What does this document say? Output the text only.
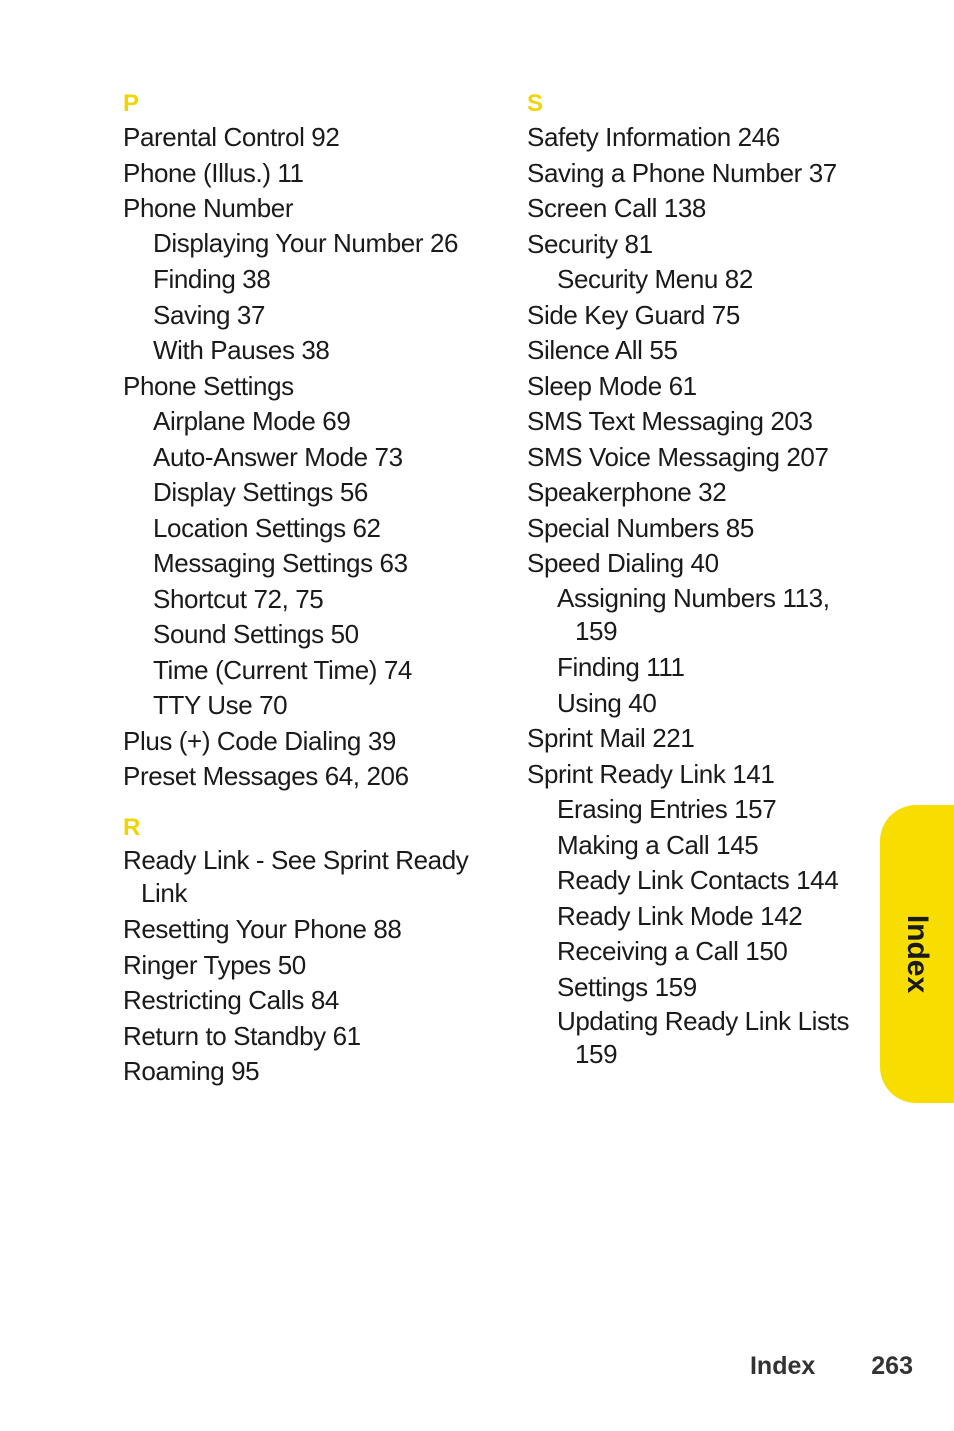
P
Parental Control 92
Phone (Illus.) 11
Phone Number
Displaying Your Number 26
Finding 38
Saving 37
With Pauses 38
Phone Settings
Airplane Mode 69
Auto-Answer Mode 73
Display Settings 56
Location Settings 62
Messaging Settings 63
Shortcut 72, 75
Sound Settings 50
Time (Current Time) 74
TTY Use 70
Plus (+) Code Dialing 39
Preset Messages 64, 206
R
Ready Link - See Sprint Ready Link
Resetting Your Phone 88
Ringer Types 50
Restricting Calls 84
Return to Standby 61
Roaming 95
S
Safety Information 246
Saving a Phone Number 37
Screen Call 138
Security 81
Security Menu 82
Side Key Guard 75
Silence All 55
Sleep Mode 61
SMS Text Messaging 203
SMS Voice Messaging 207
Speakerphone 32
Special Numbers 85
Speed Dialing 40
Assigning Numbers 113, 159
Finding 111
Using 40
Sprint Mail 221
Sprint Ready Link 141
Erasing Entries 157
Making a Call 145
Ready Link Contacts 144
Ready Link Mode 142
Receiving a Call 150
Settings 159
Updating Ready Link Lists 159
Index
Index 263
